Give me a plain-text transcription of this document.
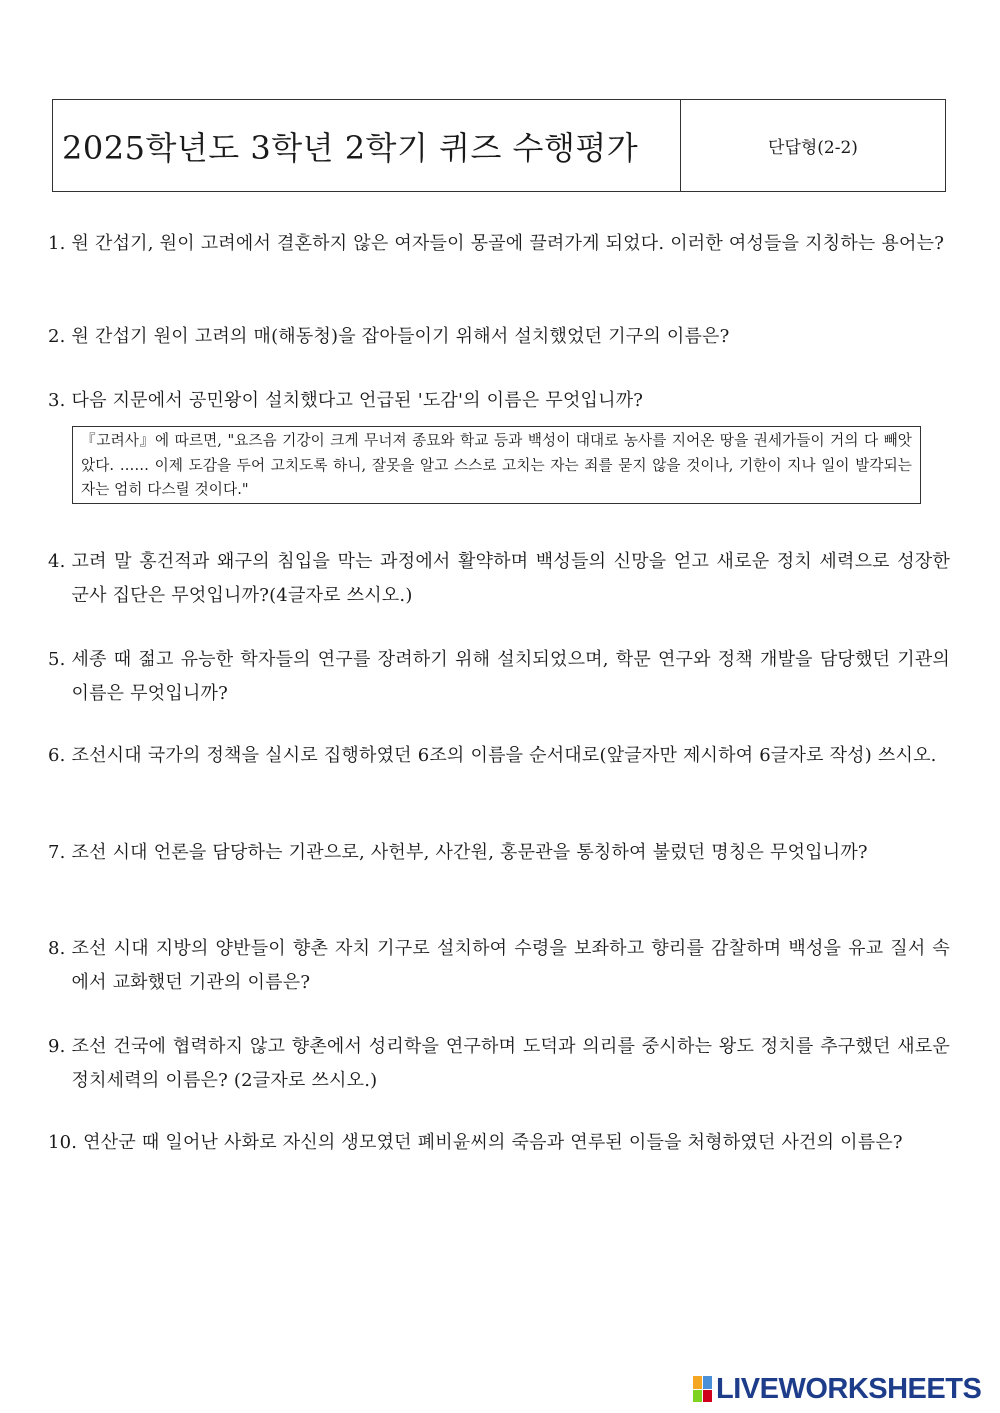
2025학년도 3학년 2학기 퀴즈 수행평가	단답형(2-2)
1. 원 간섭기, 원이 고려에서 결혼하지 않은 여자들이 몽골에 끌려가게 되었다. 이러한 여성들을 지칭하는 용어는?
2. 원 간섭기 원이 고려의 매(해동청)을 잡아들이기 위해서 설치했었던 기구의 이름은?
3. 다음 지문에서 공민왕이 설치했다고 언급된 '도감'의 이름은 무엇입니까?
『고려사』에 따르면, "요즈음 기강이 크게 무너져 종묘와 학교 등과 백성이 대대로 농사를 지어온 땅을 권세가들이 거의 다 빼앗았다. …… 이제 도감을 두어 고치도록 하니, 잘못을 알고 스스로 고치는 자는 죄를 묻지 않을 것이나, 기한이 지나 일이 발각되는 자는 엄히 다스릴 것이다."
4. 고려 말 홍건적과 왜구의 침입을 막는 과정에서 활약하며 백성들의 신망을 얻고 새로운 정치 세력으로 성장한 군사 집단은 무엇입니까?(4글자로 쓰시오.)
5. 세종 때 젊고 유능한 학자들의 연구를 장려하기 위해 설치되었으며, 학문 연구와 정책 개발을 담당했던 기관의 이름은 무엇입니까?
6. 조선시대 국가의 정책을 실시로 집행하였던 6조의 이름을 순서대로(앞글자만 제시하여 6글자로 작성) 쓰시오.
7. 조선 시대 언론을 담당하는 기관으로, 사헌부, 사간원, 홍문관을 통칭하여 불렀던 명칭은 무엇입니까?
8. 조선 시대 지방의 양반들이 향촌 자치 기구로 설치하여 수령을 보좌하고 향리를 감찰하며 백성을 유교 질서 속에서 교화했던 기관의 이름은?
9. 조선 건국에 협력하지 않고 향촌에서 성리학을 연구하며 도덕과 의리를 중시하는 왕도 정치를 추구했던 새로운 정치세력의 이름은? (2글자로 쓰시오.)
10. 연산군 때 일어난 사화로 자신의 생모였던 폐비윤씨의 죽음과 연루된 이들을 처형하였던 사건의 이름은?
LIVEWORKSHEETS
